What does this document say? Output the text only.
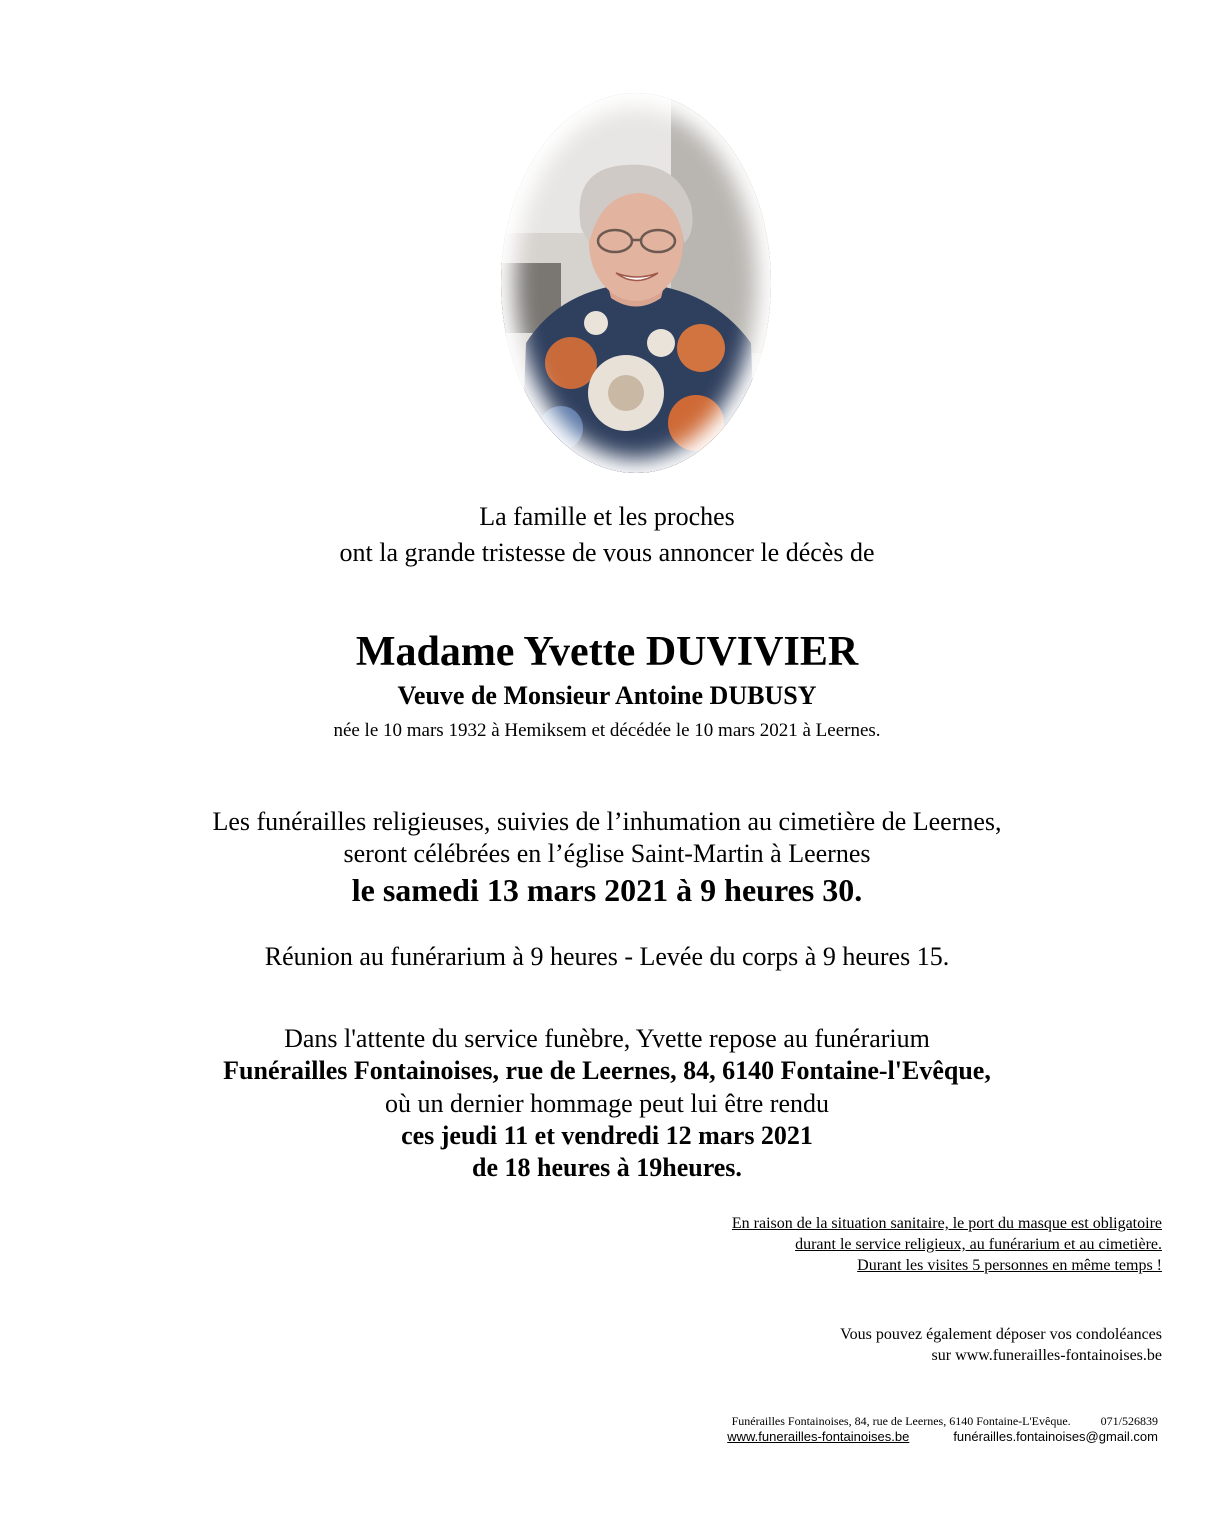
La famille et les proches
ont la grande tristesse de vous annoncer le décès de
Madame Yvette DUVIVIER
Veuve de Monsieur Antoine DUBUSY
née le 10 mars 1932 à Hemiksem et décédée le 10 mars 2021 à Leernes.
Les funérailles religieuses, suivies de l’inhumation au cimetière de Leernes,
seront célébrées en l’église Saint-Martin à Leernes
le samedi 13 mars 2021 à 9 heures 30.
Réunion au funérarium à 9 heures - Levée du corps à 9 heures 15.
Dans l'attente du service funèbre, Yvette repose au funérarium
Funérailles Fontainoises, rue de Leernes, 84, 6140 Fontaine-l'Evêque,
où un dernier hommage peut lui être rendu
ces jeudi 11 et vendredi 12 mars 2021
de 18 heures à 19heures.
En raison de la situation sanitaire, le port du masque est obligatoire
durant le service religieux, au funérarium et au cimetière.
Durant les visites 5 personnes en même temps !
Vous pouvez également déposer vos condoléances
sur www.funerailles-fontainoises.be
Funérailles Fontainoises, 84, rue de Leernes, 6140 Fontaine-L'Evêque.	071/526839
www.funerailles-fontainoises.be	funérailles.fontainoises@gmail.com
